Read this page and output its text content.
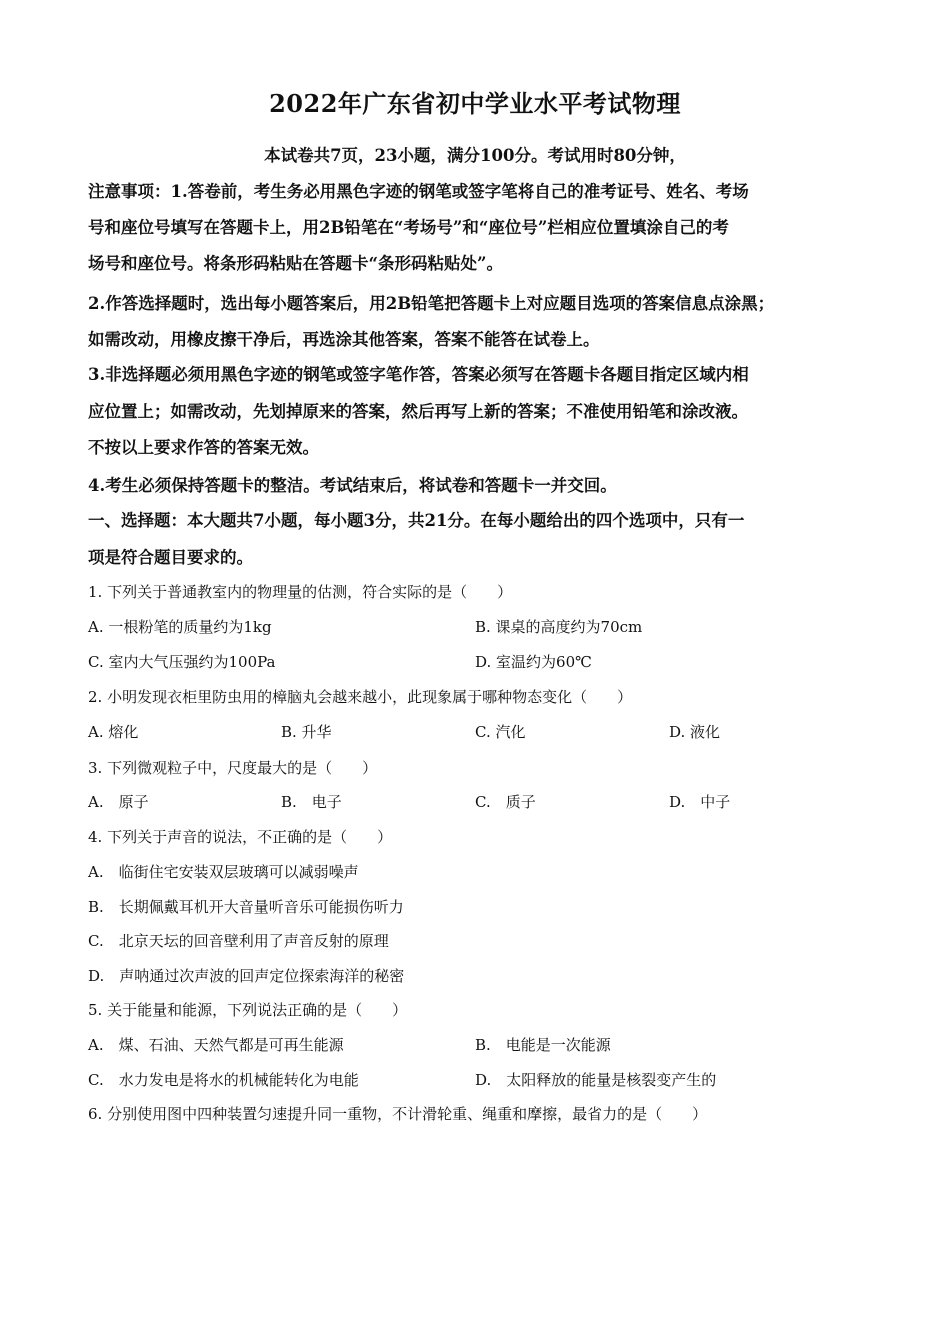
2022年广东省初中学业水平考试物理
本试卷共7页，23小题，满分100分。考试用时80分钟，
注意事项：1.答卷前，考生务必用黑色字迹的钢笔或签字笔将自己的准考证号、姓名、考场
号和座位号填写在答题卡上，用2B铅笔在“考场号”和“座位号”栏相应位置填涂自己的考
场号和座位号。将条形码粘贴在答题卡“条形码粘贴处”。
2.作答选择题时，选出每小题答案后，用2B铅笔把答题卡上对应题目选项的答案信息点涂黑；
如需改动，用橡皮擦干净后，再选涂其他答案，答案不能答在试卷上。
3.非选择题必须用黑色字迹的钢笔或签字笔作答，答案必须写在答题卡各题目指定区域内相
应位置上；如需改动，先划掉原来的答案，然后再写上新的答案；不准使用铅笔和涂改液。
不按以上要求作答的答案无效。
4.考生必须保持答题卡的整洁。考试结束后，将试卷和答题卡一并交回。
一、选择题：本大题共7小题，每小题3分，共21分。在每小题给出的四个选项中，只有一
项是符合题目要求的。
1. 下列关于普通教室内的物理量的估测，符合实际的是（　　）
A. 一根粉笔的质量约为1kg	B. 课桌的高度约为70cm
C. 室内大气压强约为100Pa	D. 室温约为60℃
2. 小明发现衣柜里防虫用的樟脑丸会越来越小，此现象属于哪种物态变化（　　）
A. 熔化	B. 升华	C. 汽化	D. 液化
3. 下列微观粒子中，尺度最大的是（　　）
A.　原子	B.　电子	C.　质子	D.　中子
4. 下列关于声音的说法，不正确的是（　　）
A.　临街住宅安装双层玻璃可以减弱噪声
B.　长期佩戴耳机开大音量听音乐可能损伤听力
C.　北京天坛的回音壁利用了声音反射的原理
D.　声呐通过次声波的回声定位探索海洋的秘密
5. 关于能量和能源，下列说法正确的是（　　）
A.　煤、石油、天然气都是可再生能源	B.　电能是一次能源
C.　水力发电是将水的机械能转化为电能	D.　太阳释放的能量是核裂变产生的
6. 分别使用图中四种装置匀速提升同一重物，不计滑轮重、绳重和摩擦，最省力的是（　　）
